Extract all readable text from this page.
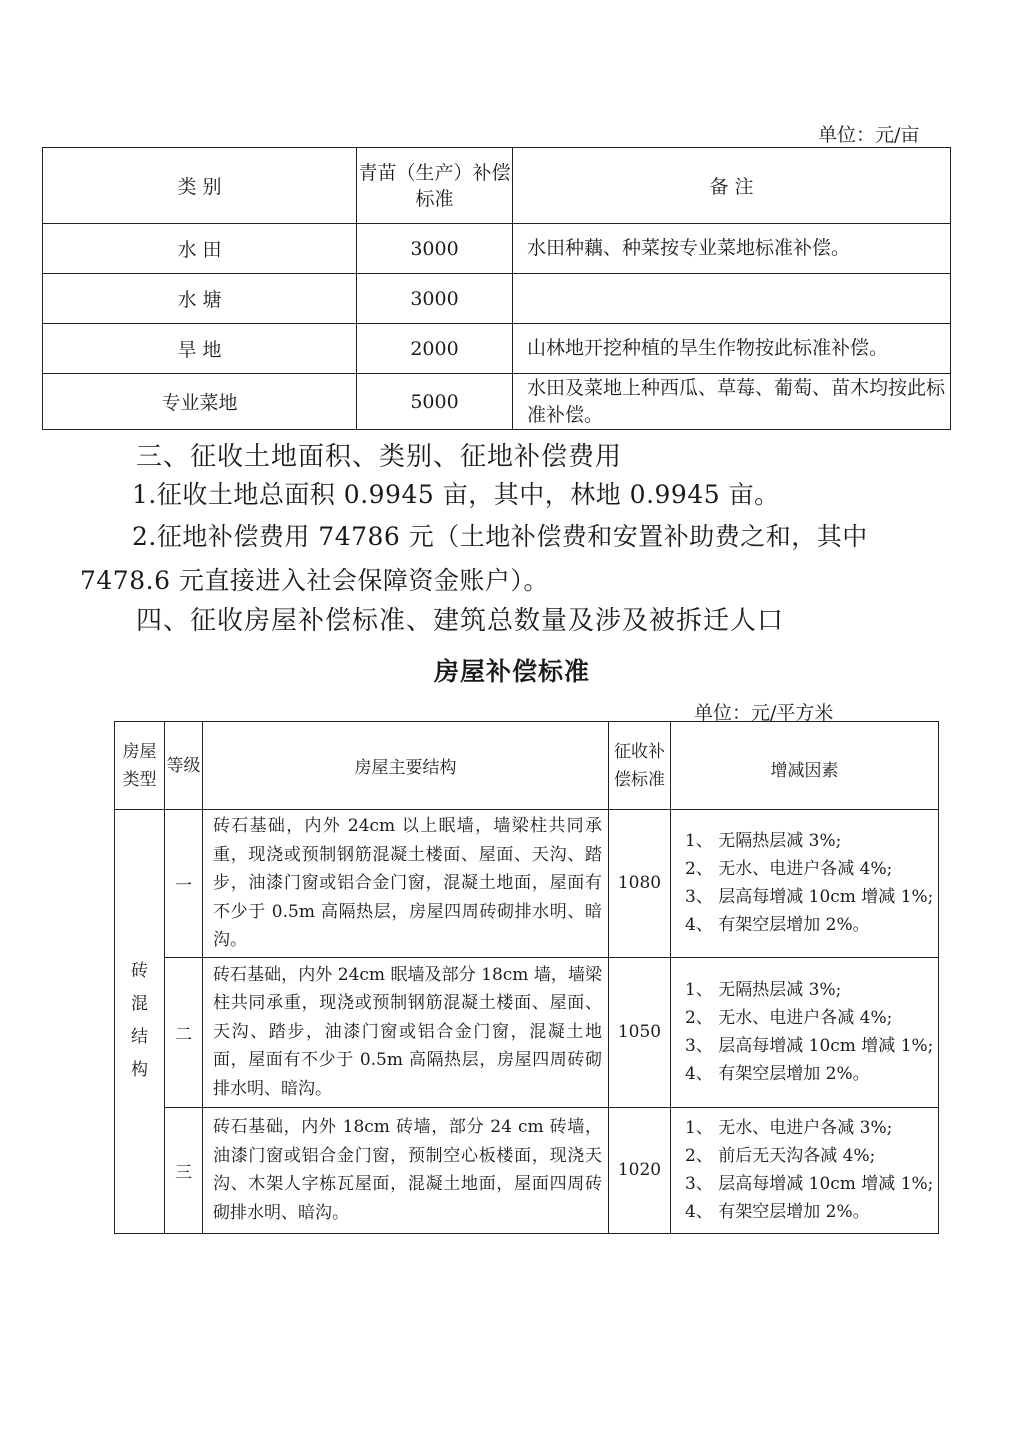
单位：元/亩
类 别	青苗（生产）补偿标准	备 注
水 田	3000	水田种藕、种菜按专业菜地标准补偿。
水 塘	3000	
旱 地	2000	山林地开挖种植的旱生作物按此标准补偿。
专业菜地	5000	水田及菜地上种西瓜、草莓、葡萄、苗木均按此标准补偿。
三、征收土地面积、类别、征地补偿费用
1.征收土地总面积 0.9945 亩，其中，林地 0.9945 亩。
2.征地补偿费用 74786 元（土地补偿费和安置补助费之和，其中
7478.6 元直接进入社会保障资金账户）。
四、征收房屋补偿标准、建筑总数量及涉及被拆迁人口
房屋补偿标准
单位：元/平方米
房屋类型	等级	房屋主要结构	征收补偿标准	增减因素
砖混结构	一	砖石基础，内外 24cm 以上眠墙，墙梁柱共同承重，现浇或预制钢筋混凝土楼面、屋面、天沟、踏步，油漆门窗或铝合金门窗，混凝土地面，屋面有不少于 0.5m 高隔热层，房屋四周砖砌排水明、暗沟。	1080	1、 无隔热层减 3%;
2、 无水、电进户各减 4%;
3、 层高每增减 10cm 增减 1%;
4、 有架空层增加 2%。

	二	砖石基础，内外 24cm 眠墙及部分 18cm 墙，墙梁柱共同承重，现浇或预制钢筋混凝土楼面、屋面、天沟、踏步，油漆门窗或铝合金门窗，混凝土地面，屋面有不少于 0.5m 高隔热层，房屋四周砖砌排水明、暗沟。	1050	1、 无隔热层减 3%;
2、 无水、电进户各减 4%;
3、 层高每增减 10cm 增减 1%;
4、 有架空层增加 2%。

	三	砖石基础，内外 18cm 砖墙，部分 24 cm 砖墙，油漆门窗或铝合金门窗，预制空心板楼面，现浇天沟、木架人字栋瓦屋面，混凝土地面，屋面四周砖砌排水明、暗沟。	1020	1、 无水、电进户各减 3%;
2、 前后无天沟各减 4%;
3、 层高每增减 10cm 增减 1%;
4、 有架空层增加 2%。
